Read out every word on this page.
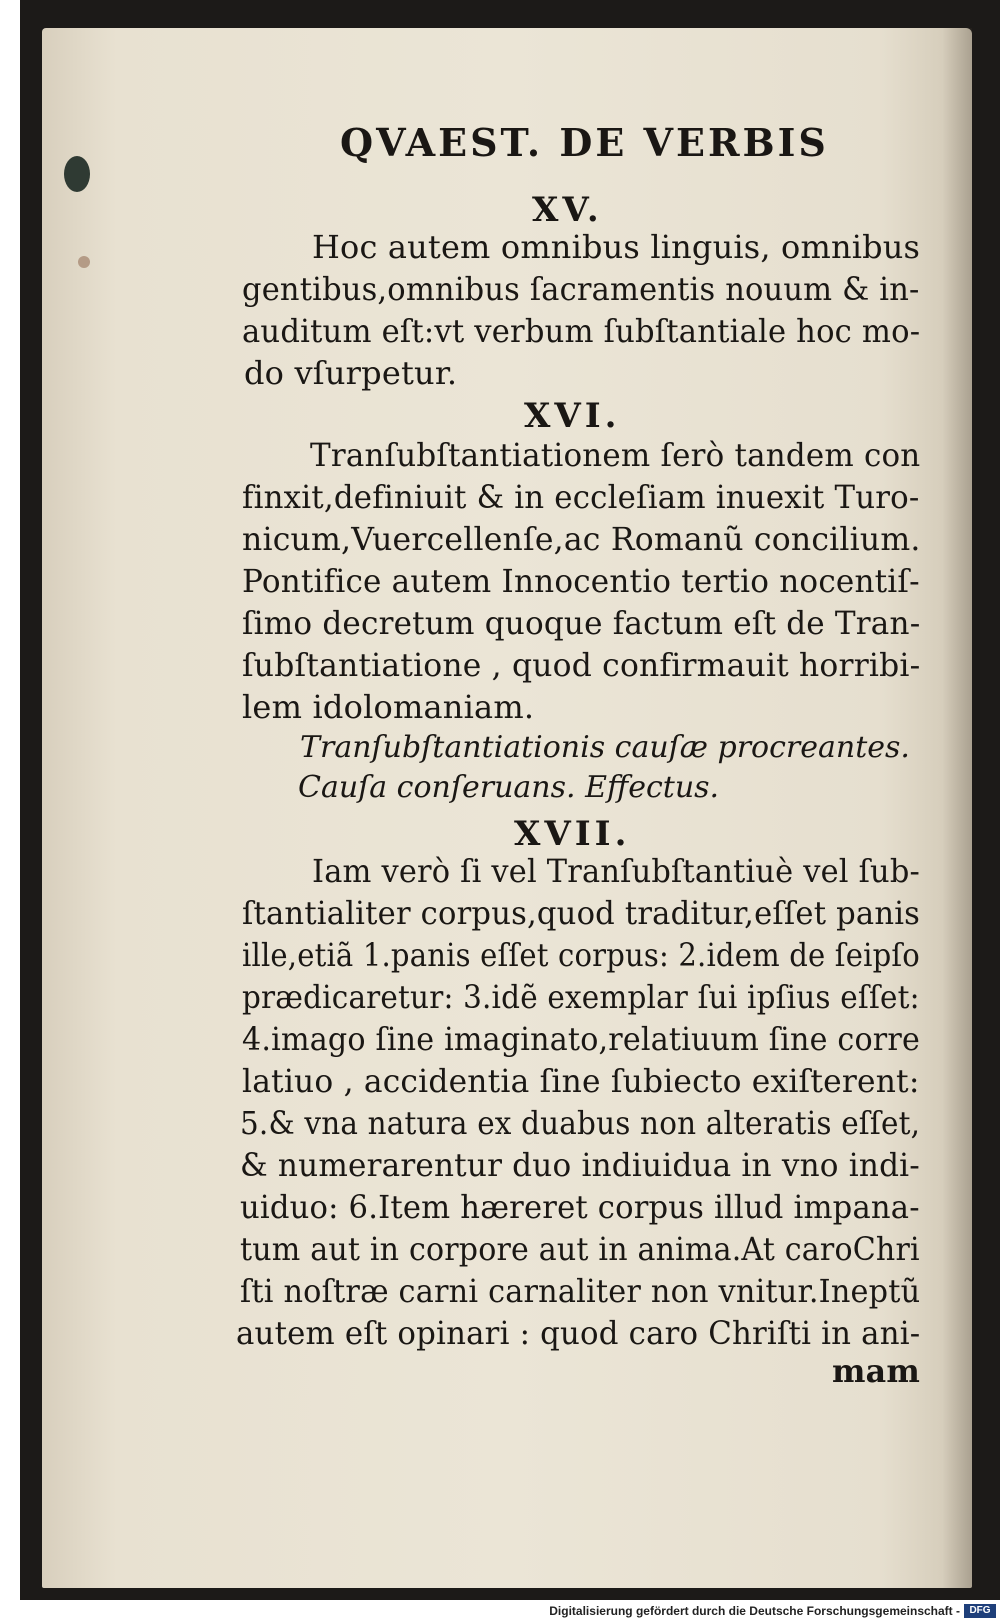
QVAEST. DE VERBIS
XV.
Hoc autem omnibus linguis, omnibus
gentibus,omnibus ſacramentis nouum & in-
auditum eſt:vt verbum ſubſtantiale hoc mo-
do vſurpetur.
XVI.
Tranſubſtantiationem ſerò tandem con
finxit,definiuit & in eccleſiam inuexit Turo-
nicum,Vuercellenſe,ac Romanũ concilium.
Pontifice autem Innocentio tertio nocentiſ-
ſimo decretum quoque factum eſt de Tran-
ſubſtantiatione , quod confirmauit horribi-
lem idolomaniam.
Tranſubſtantiationis cauſæ procreantes.
Cauſa conſeruans. Effectus.
XVII.
Iam verò ſi vel Tranſubſtantiuè vel ſub-
ſtantialiter corpus,quod traditur,eſſet panis
ille,etiã 1.panis eſſet corpus: 2.idem de ſeipſo
prædicaretur: 3.idẽ exemplar ſui ipſius eſſet:
4.imago ſine imaginato,relatiuum ſine corre
latiuo , accidentia ſine ſubiecto exiſterent:
5.& vna natura ex duabus non alteratis eſſet,
& numerarentur duo indiuidua in vno indi-
uiduo: 6.Item hæreret corpus illud impana-
tum aut in corpore aut in anima.At caroChri
ſti noſtræ carni carnaliter non vnitur.Ineptũ
autem eſt opinari : quod caro Chriſti in ani-
mam
Digitalisierung gefördert durch die Deutsche Forschungsgemeinschaft - DFG
